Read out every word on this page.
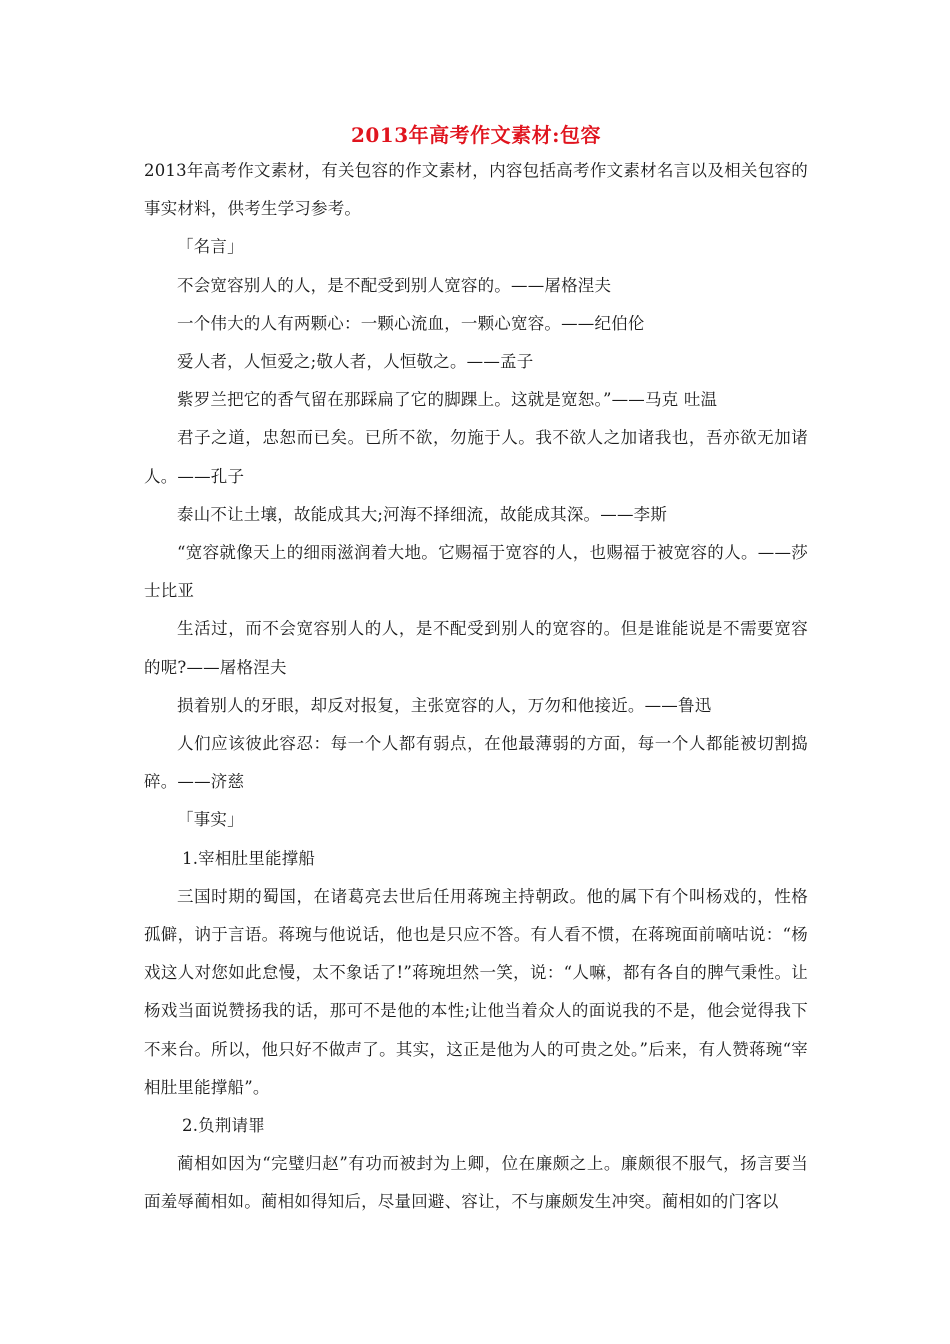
2013年高考作文素材:包容

2013年高考作文素材，有关包容的作文素材，内容包括高考作文素材名言以及相关包容的事实材料，供考生学习参考。

「名言」

不会宽容别人的人，是不配受到别人宽容的。——屠格涅夫

一个伟大的人有两颗心：一颗心流血，一颗心宽容。——纪伯伦

爱人者，人恒爱之;敬人者，人恒敬之。——孟子

紫罗兰把它的香气留在那踩扁了它的脚踝上。这就是宽恕。”——马克 吐温

君子之道，忠恕而已矣。已所不欲，勿施于人。我不欲人之加诸我也，吾亦欲无加诸人。——孔子

泰山不让土壤，故能成其大;河海不择细流，故能成其深。——李斯

“宽容就像天上的细雨滋润着大地。它赐福于宽容的人，也赐福于被宽容的人。——莎士比亚

生活过，而不会宽容别人的人，是不配受到别人的宽容的。但是谁能说是不需要宽容的呢?——屠格涅夫

损着别人的牙眼，却反对报复，主张宽容的人，万勿和他接近。——鲁迅

人们应该彼此容忍：每一个人都有弱点，在他最薄弱的方面，每一个人都能被切割捣碎。——济慈

「事实」

1.宰相肚里能撑船

三国时期的蜀国，在诸葛亮去世后任用蒋琬主持朝政。他的属下有个叫杨戏的，性格孤僻，讷于言语。蒋琬与他说话，他也是只应不答。有人看不惯，在蒋琬面前嘀咕说：“杨戏这人对您如此怠慢，太不象话了!”蒋琬坦然一笑，说：“人嘛，都有各自的脾气秉性。让杨戏当面说赞扬我的话，那可不是他的本性;让他当着众人的面说我的不是，他会觉得我下不来台。所以，他只好不做声了。其实，这正是他为人的可贵之处。”后来，有人赞蒋琬“宰相肚里能撑船”。

2.负荆请罪

蔺相如因为“完璧归赵”有功而被封为上卿，位在廉颇之上。廉颇很不服气，扬言要当面羞辱蔺相如。蔺相如得知后，尽量回避、容让，不与廉颇发生冲突。蔺相如的门客以
